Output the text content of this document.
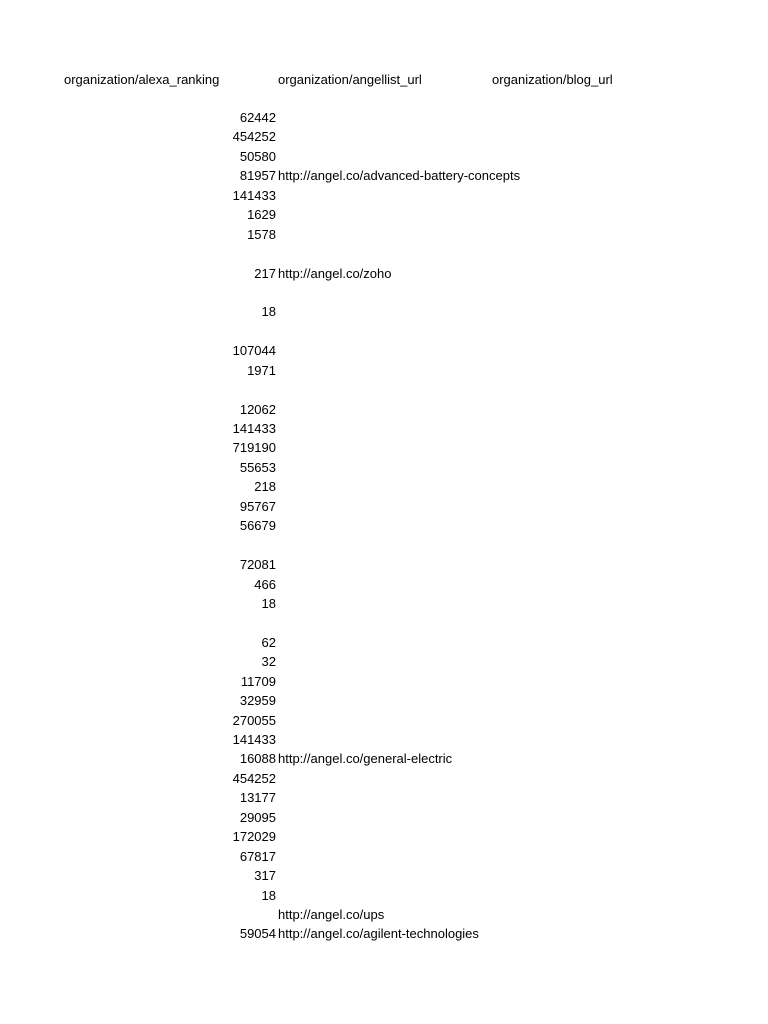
organization/alexa_ranking	organization/angellist_url	organization/blog_url
62442
454252
50580
81957 http://angel.co/advanced-battery-concepts
141433
1629
1578
217 http://angel.co/zoho
18
107044
1971
12062
141433
719190
55653
218
95767
56679
72081
466
18
62
32
11709
32959
270055
141433
16088 http://angel.co/general-electric
454252
13177
29095
172029
67817
317
18
http://angel.co/ups
59054 http://angel.co/agilent-technologies
